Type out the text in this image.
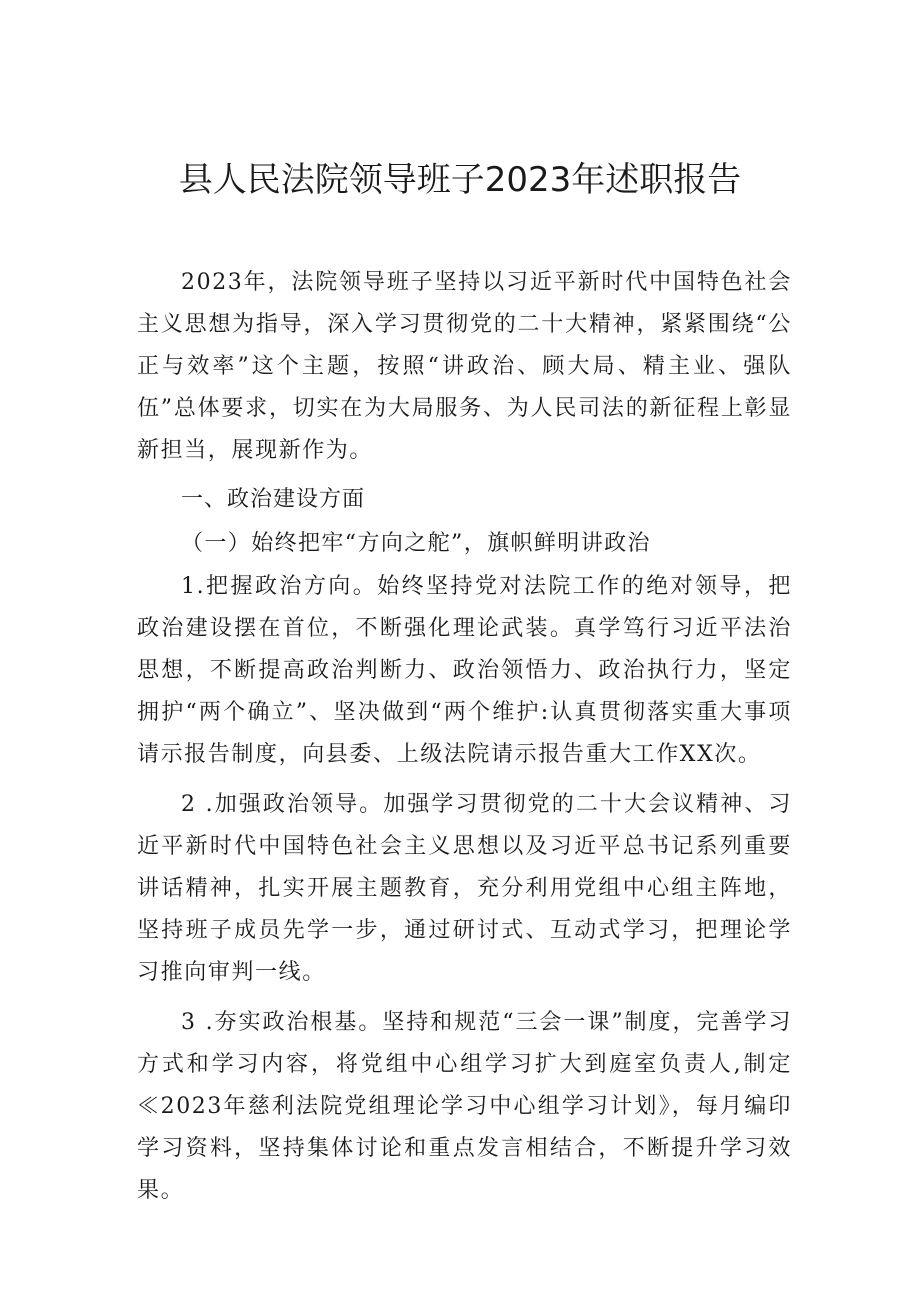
县人民法院领导班子2023年述职报告

2023年，法院领导班子坚持以习近平新时代中国特色社会主义思想为指导，深入学习贯彻党的二十大精神，紧紧围绕“公正与效率”这个主题，按照“讲政治、顾大局、精主业、强队伍”总体要求，切实在为大局服务、为人民司法的新征程上彰显新担当，展现新作为。

一、政治建设方面

（一）始终把牢“方向之舵”，旗帜鲜明讲政治

1.把握政治方向。始终坚持党对法院工作的绝对领导，把政治建设摆在首位，不断强化理论武装。真学笃行习近平法治思想，不断提高政治判断力、政治领悟力、政治执行力，坚定拥护“两个确立”、坚决做到“两个维护:认真贯彻落实重大事项请示报告制度，向县委、上级法院请示报告重大工作XX次。

2 .加强政治领导。加强学习贯彻党的二十大会议精神、习近平新时代中国特色社会主义思想以及习近平总书记系列重要讲话精神，扎实开展主题教育，充分利用党组中心组主阵地，坚持班子成员先学一步，通过研讨式、互动式学习，把理论学习推向审判一线。

3 .夯实政治根基。坚持和规范“三会一课”制度，完善学习方式和学习内容，将党组中心组学习扩大到庭室负责人,制定≪2023年慈利法院党组理论学习中心组学习计划》，每月编印学习资料，坚持集体讨论和重点发言相结合，不断提升学习效果。
